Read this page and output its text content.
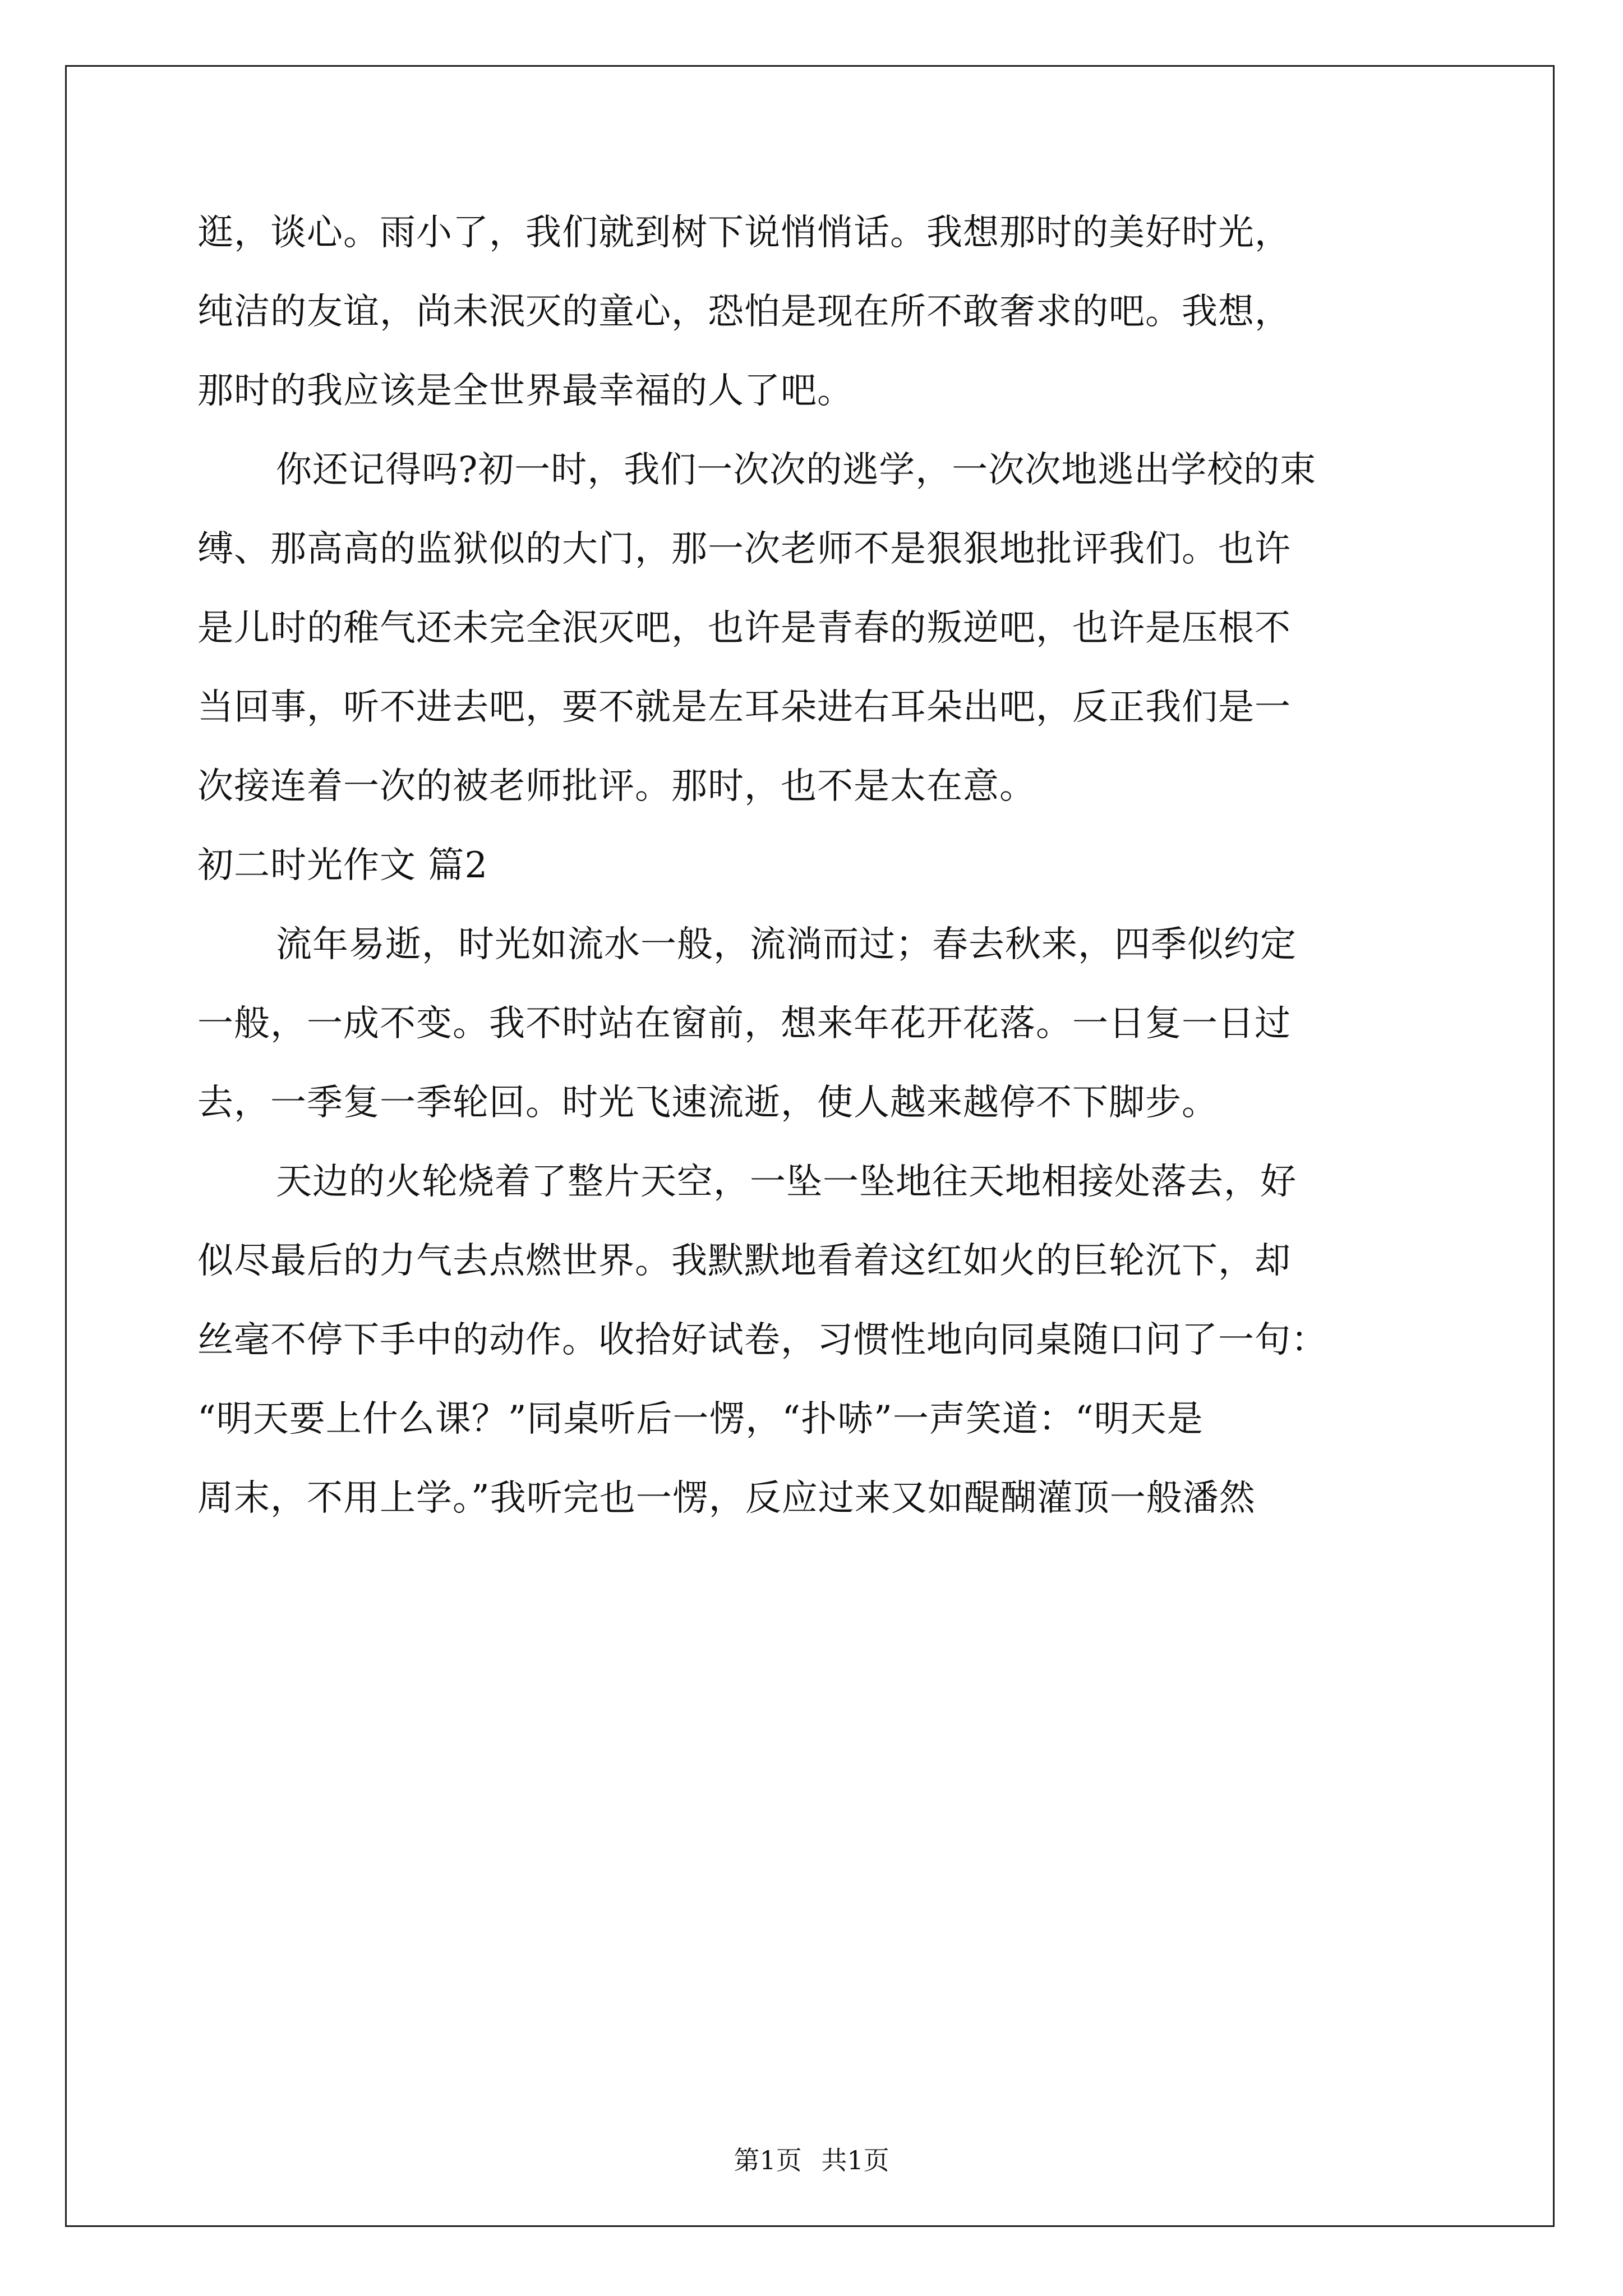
逛，谈心。雨小了，我们就到树下说悄悄话。我想那时的美好时光，
纯洁的友谊，尚未泯灭的童心，恐怕是现在所不敢奢求的吧。我想，
那时的我应该是全世界最幸福的人了吧。
你还记得吗?初一时，我们一次次的逃学，一次次地逃出学校的束
缚、那高高的监狱似的大门，那一次老师不是狠狠地批评我们。也许
是儿时的稚气还未完全泯灭吧，也许是青春的叛逆吧，也许是压根不
当回事，听不进去吧，要不就是左耳朵进右耳朵出吧，反正我们是一
次接连着一次的被老师批评。那时，也不是太在意。
初二时光作文 篇2
流年易逝，时光如流水一般，流淌而过；春去秋来，四季似约定
一般，一成不变。我不时站在窗前，想来年花开花落。一日复一日过
去，一季复一季轮回。时光飞速流逝，使人越来越停不下脚步。
天边的火轮烧着了整片天空，一坠一坠地往天地相接处落去，好
似尽最后的力气去点燃世界。我默默地看着这红如火的巨轮沉下，却
丝毫不停下手中的动作。收拾好试卷，习惯性地向同桌随口问了一句：
“明天要上什么课？”同桌听后一愣，“扑哧”一声笑道：“明天是
周末，不用上学。”我听完也一愣，反应过来又如醍醐灌顶一般潘然
第1页 共1页
